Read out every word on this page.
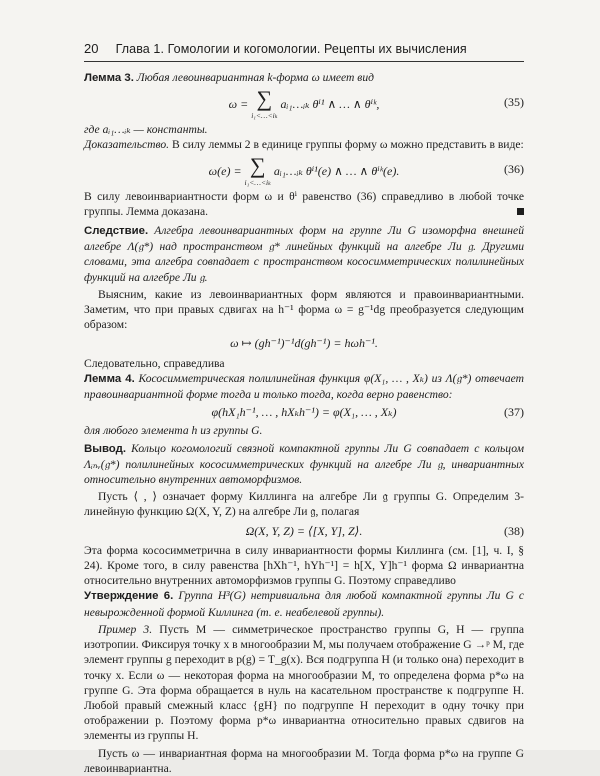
20 Глава 1. Гомологии и когомологии. Рецепты их вычисления

Лемма 3. Любая левоинвариантная k-форма ω имеет вид

ω = ∑
i₁<…<iₖ
aᵢ₁…ᵢₖ θⁱ¹ ∧ … ∧ θⁱᵏ,	(35)

где aᵢ₁…ᵢₖ — константы.

Доказательство. В силу леммы 2 в единице группы форму ω можно представить в виде:

ω(e) = ∑
i₁<…<iₖ
aᵢ₁…ᵢₖ θⁱ¹(e) ∧ … ∧ θⁱᵏ(e).	(36)

В силу левоинвариантности форм ω и θⁱ равенство (36) справедливо в любой точке группы. Лемма доказана.

Следствие. Алгебра левоинвариантных форм на группе Ли G изоморфна внешней алгебре Λ(𝔤*) над пространством 𝔤* линейных функций на алгебре Ли 𝔤. Другими словами, эта алгебра совпадает с пространством кососимметрических полилинейных функций на алгебре Ли 𝔤.

Выясним, какие из левоинвариантных форм являются и правоинвариантными. Заметим, что при правых сдвигах на h⁻¹ форма ω = g⁻¹dg преобразуется следующим образом:

ω ↦ (gh⁻¹)⁻¹d(gh⁻¹) = hωh⁻¹.

Следовательно, справедлива

Лемма 4. Кососимметрическая полилинейная функция φ(X₁, … , Xₖ) из Λ(𝔤*) отвечает правоинвариантной форме тогда и только тогда, когда верно равенство:

φ(hX₁h⁻¹, … , hXₖh⁻¹) = φ(X₁, … , Xₖ)	(37)

для любого элемента h из группы G.

Вывод. Кольцо когомологий связной компактной группы Ли G совпадает с кольцом Λᵢₙᵥ(𝔤*) полилинейных кососимметрических функций на алгебре Ли 𝔤, инвариантных относительно внутренних автоморфизмов.

Пусть ⟨ , ⟩ означает форму Киллинга на алгебре Ли 𝔤 группы G. Определим 3-линейную функцию Ω(X, Y, Z) на алгебре Ли 𝔤, полагая

Ω(X, Y, Z) = ⟨[X, Y], Z⟩.	(38)

Эта форма кососимметрична в силу инвариантности формы Киллинга (см. [1], ч. I, § 24). Кроме того, в силу равенства [hXh⁻¹, hYh⁻¹] = h[X, Y]h⁻¹ форма Ω инвариантна относительно внутренних автоморфизмов группы G. Поэтому справедливо

Утверждение 6. Группа H³(G) нетривиальна для любой компактной группы Ли G с невырожденной формой Киллинга (т. е. неабелевой группы).

Пример 3. Пусть M — симметрическое пространство группы G, H — группа изотропии. Фиксируя точку x в многообразии M, мы получаем отображение G →ᵖ M, где элемент группы g переходит в p(g) = T_g(x). Вся подгруппа H (и только она) переходит в точку x. Если ω — некоторая форма на многообразии M, то определена форма p*ω на группе G. Эта форма обращается в нуль на касательном пространстве к подгруппе H. Любой правый смежный класс {gH} по подгруппе H переходит в одну точку при отображении p. Поэтому форма p*ω инвариантна относительно правых сдвигов на элементы из группы H.

Пусть ω — инвариантная форма на многообразии M. Тогда форма p*ω на группе G левоинвариантна.
